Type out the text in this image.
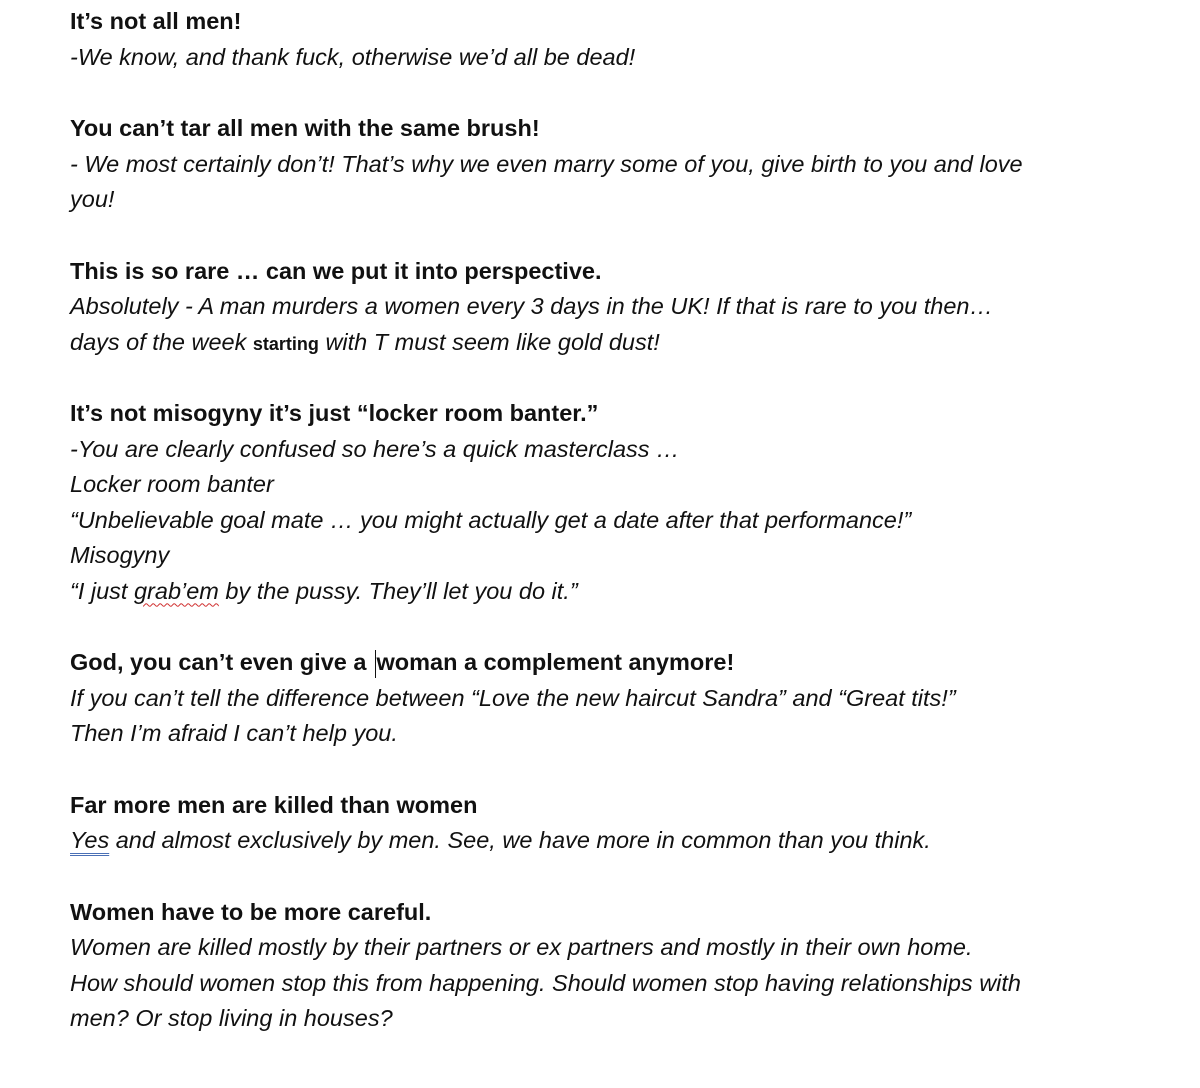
It’s not all men!
-We know, and thank fuck, otherwise we’d all be dead!
You can’t tar all men with the same brush!
- We most certainly don’t! That’s why we even marry some of you, give birth to you and love
you!
This is so rare … can we put it into perspective.
Absolutely - A man murders a women every 3 days in the UK! If that is rare to you then…
days of the week starting with T must seem like gold dust!
It’s not misogyny it’s just “locker room banter.”
-You are clearly confused so here’s a quick masterclass …
Locker room banter
“Unbelievable goal mate … you might actually get a date after that performance!”
Misogyny
“I just grab’em by the pussy. They’ll let you do it.”
God, you can’t even give a woman a complement anymore!
If you can’t tell the difference between “Love the new haircut Sandra” and “Great tits!”
Then I’m afraid I can’t help you.
Far more men are killed than women
Yes and almost exclusively by men. See, we have more in common than you think.
Women have to be more careful.
Women are killed mostly by their partners or ex partners and mostly in their own home.
How should women stop this from happening. Should women stop having relationships with
men? Or stop living in houses?
